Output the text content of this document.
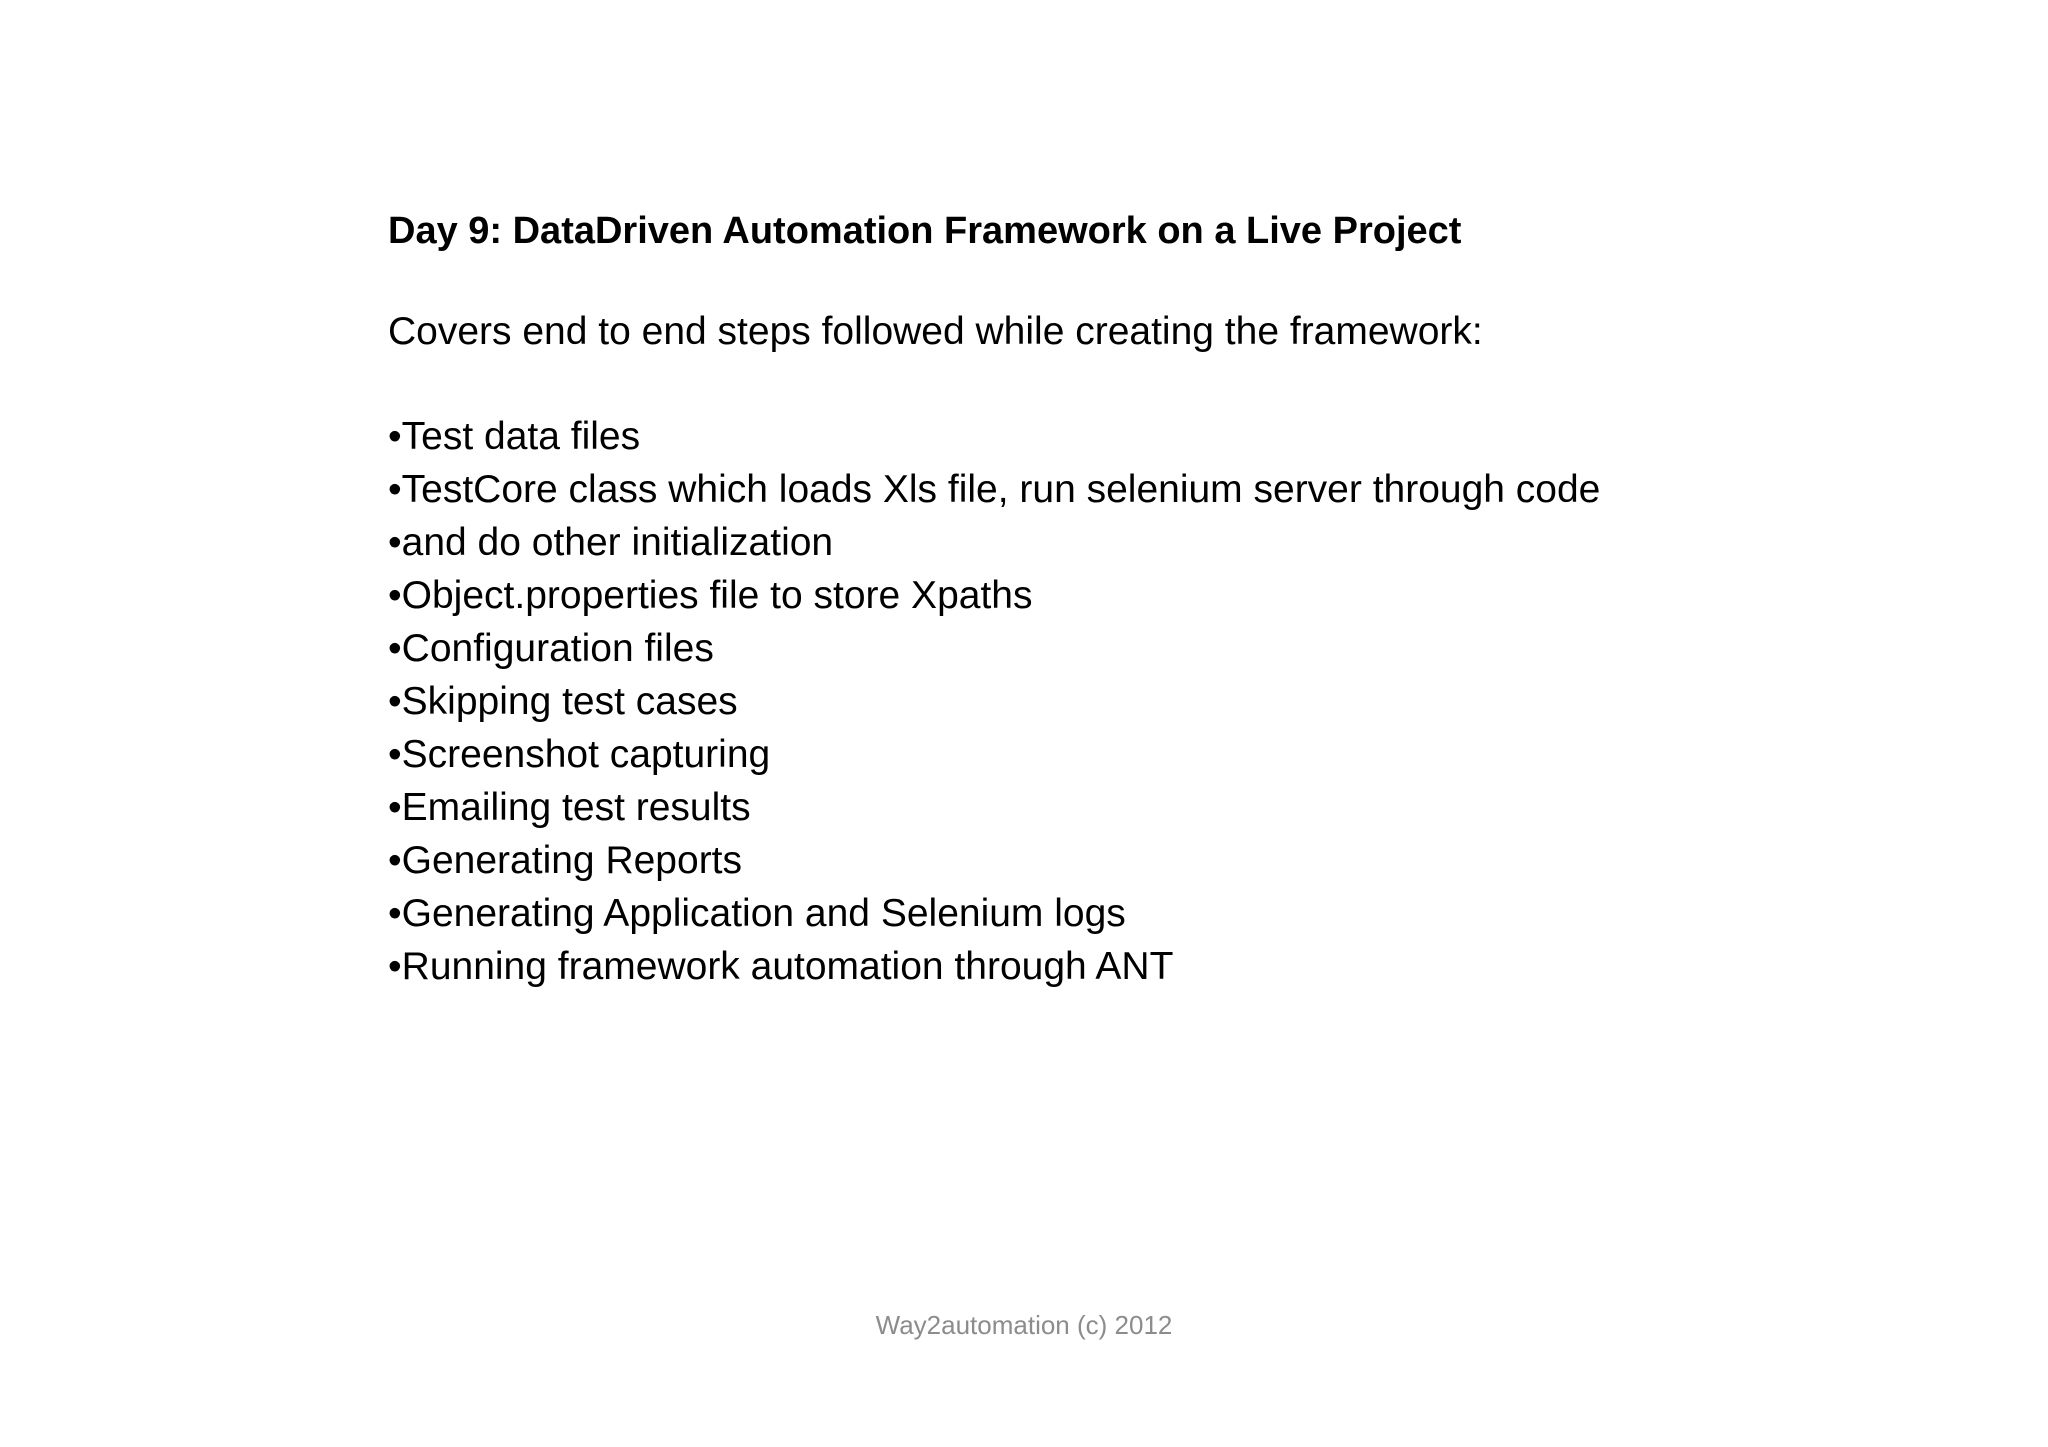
Day 9: DataDriven Automation Framework on a Live Project

Covers end to end steps followed while creating the framework:

•Test data files
•TestCore class which loads Xls file, run selenium server through code
•and do other initialization
•Object.properties file to store Xpaths
•Configuration files
•Skipping test cases
•Screenshot capturing
•Emailing test results
•Generating Reports
•Generating Application and Selenium logs
•Running framework automation through ANT
Way2automation (c) 2012
